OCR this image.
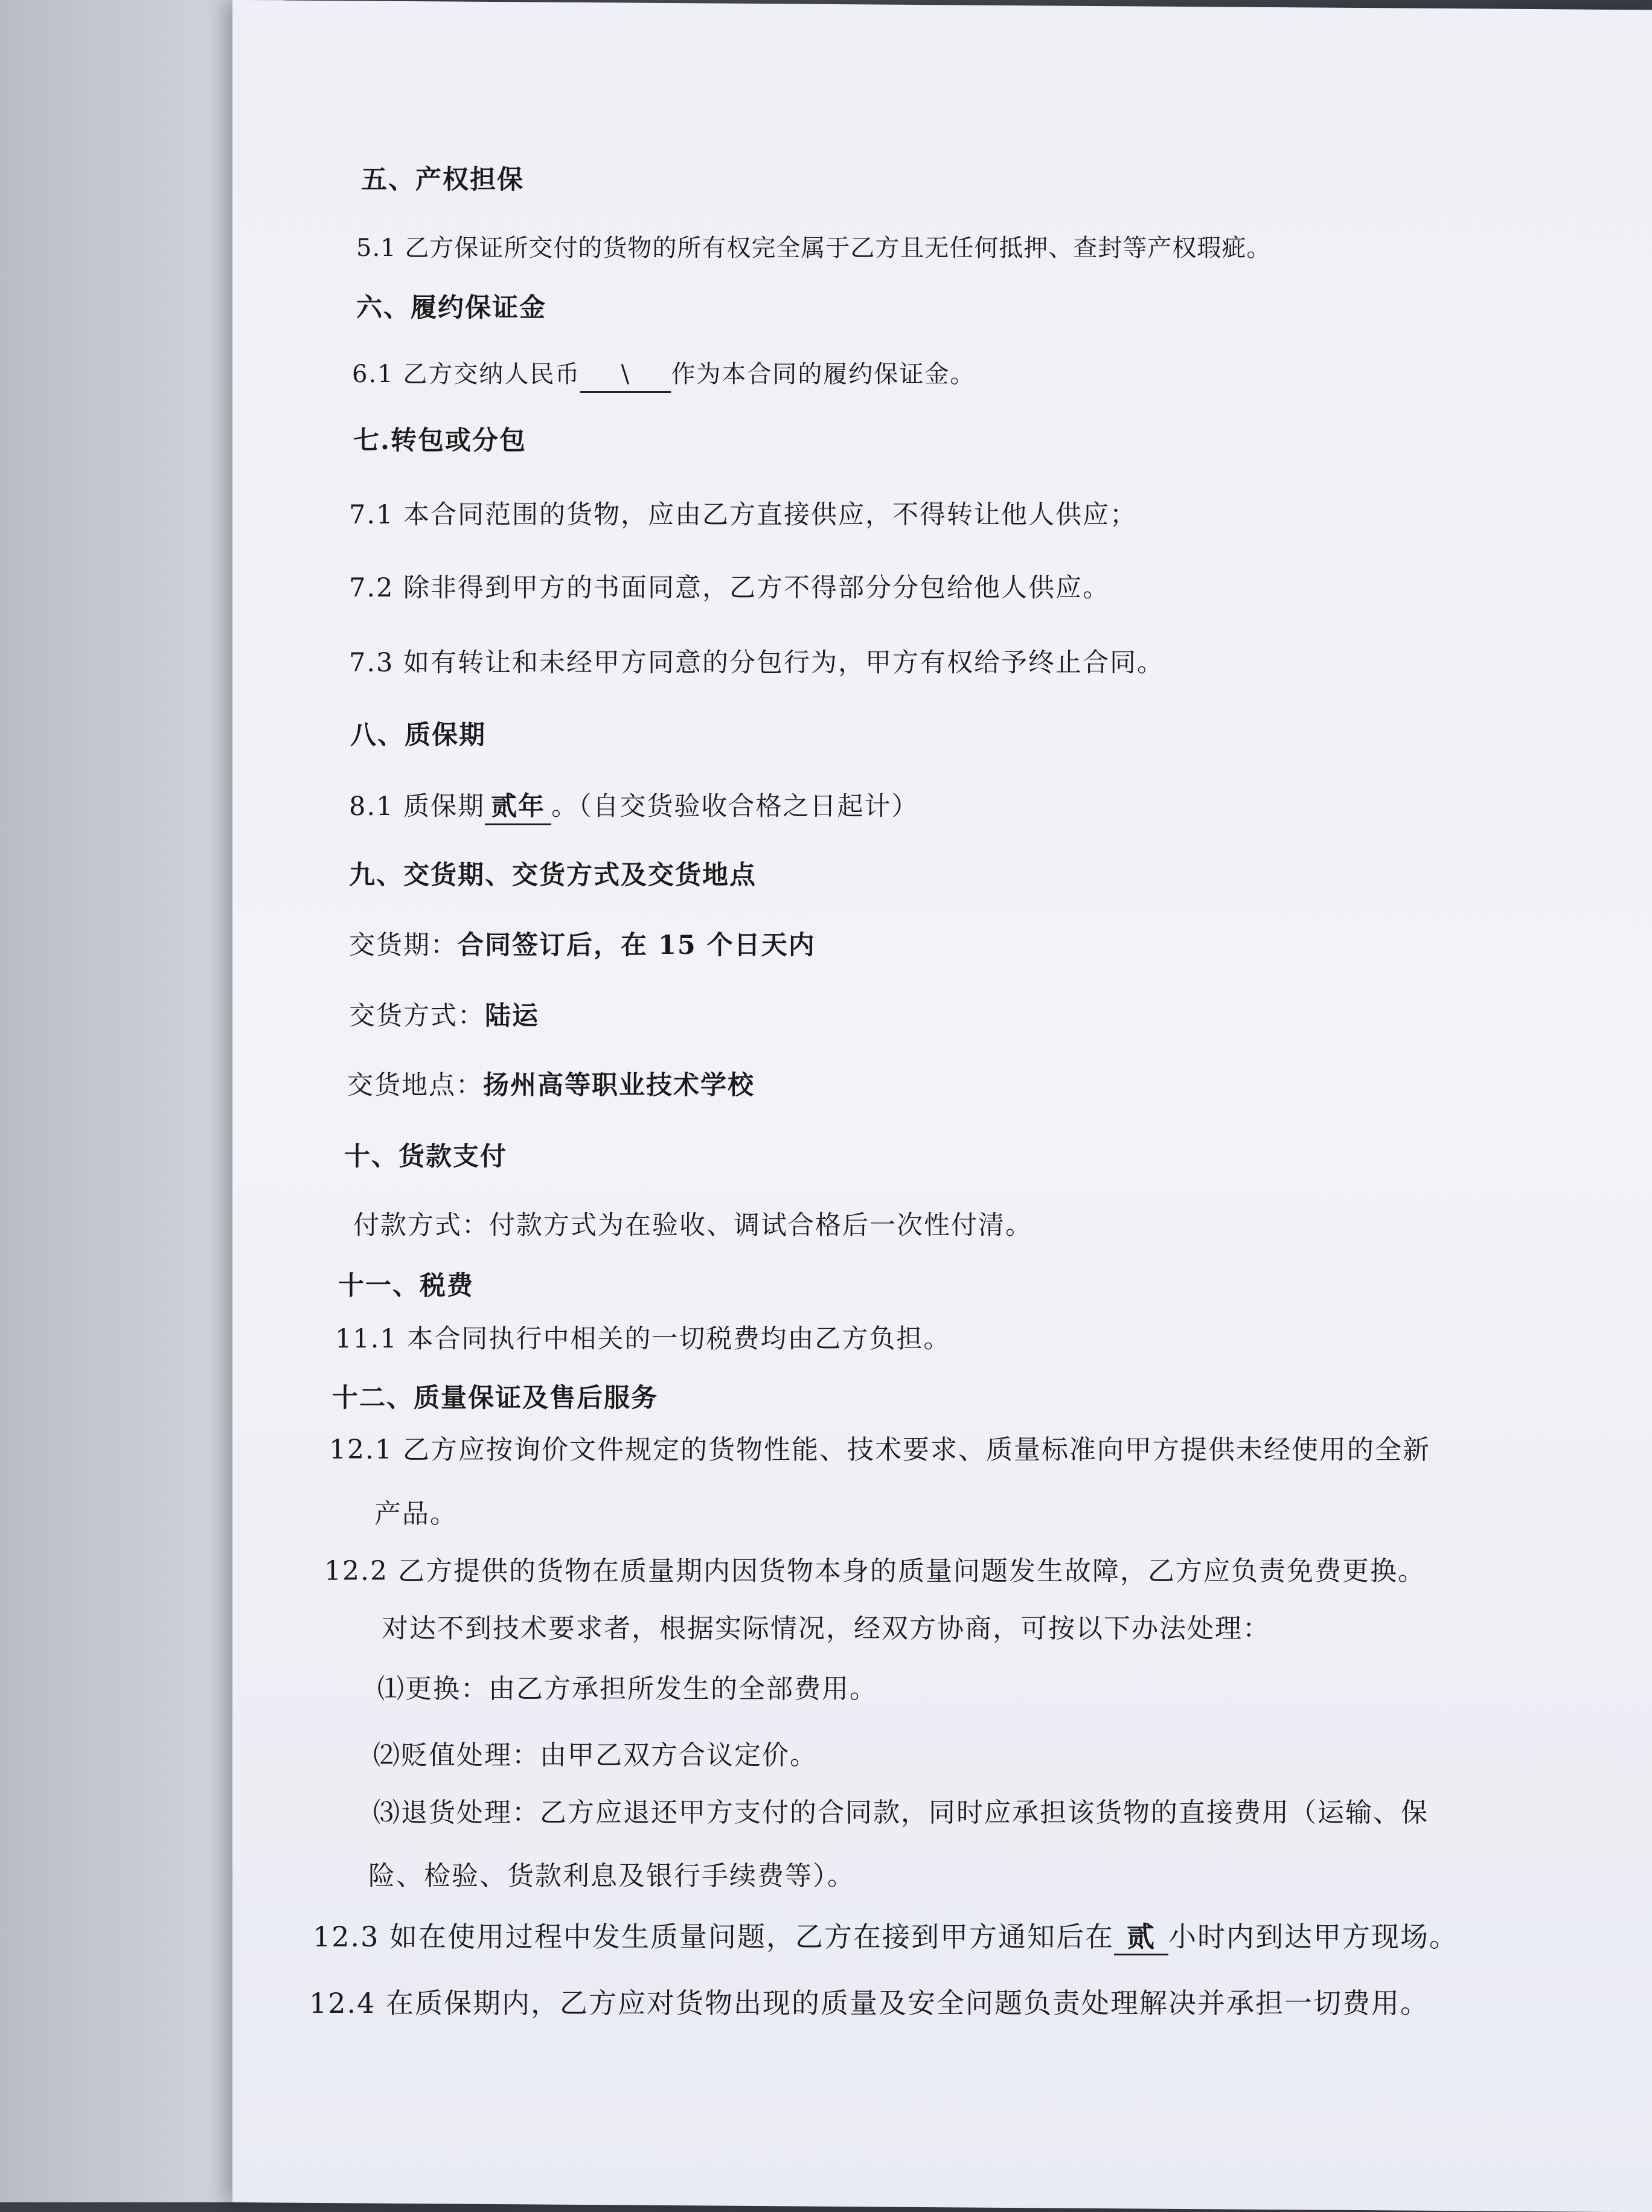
五、产权担保
5.1 乙方保证所交付的货物的所有权完全属于乙方且无任何抵押、查封等产权瑕疵。
六、履约保证金
6.1 乙方交纳人民币 \ 作为本合同的履约保证金。
七.转包或分包
7.1 本合同范围的货物，应由乙方直接供应，不得转让他人供应；
7.2 除非得到甲方的书面同意，乙方不得部分分包给他人供应。
7.3 如有转让和未经甲方同意的分包行为，甲方有权给予终止合同。
八、质保期
8.1 质保期 贰年 。（自交货验收合格之日起计）
九、交货期、交货方式及交货地点
交货期：合同签订后，在 15 个日天内
交货方式：陆运
交货地点：扬州高等职业技术学校
十、货款支付
付款方式：付款方式为在验收、调试合格后一次性付清。
十一、税费
11.1 本合同执行中相关的一切税费均由乙方负担。
十二、质量保证及售后服务
12.1 乙方应按询价文件规定的货物性能、技术要求、质量标准向甲方提供未经使用的全新
产品。
12.2 乙方提供的货物在质量期内因货物本身的质量问题发生故障，乙方应负责免费更换。
对达不到技术要求者，根据实际情况，经双方协商，可按以下办法处理：
⑴更换：由乙方承担所发生的全部费用。
⑵贬值处理：由甲乙双方合议定价。
⑶退货处理：乙方应退还甲方支付的合同款，同时应承担该货物的直接费用（运输、保
险、检验、货款利息及银行手续费等）。
12.3 如在使用过程中发生质量问题，乙方在接到甲方通知后在 贰 小时内到达甲方现场。
12.4 在质保期内，乙方应对货物出现的质量及安全问题负责处理解决并承担一切费用。
